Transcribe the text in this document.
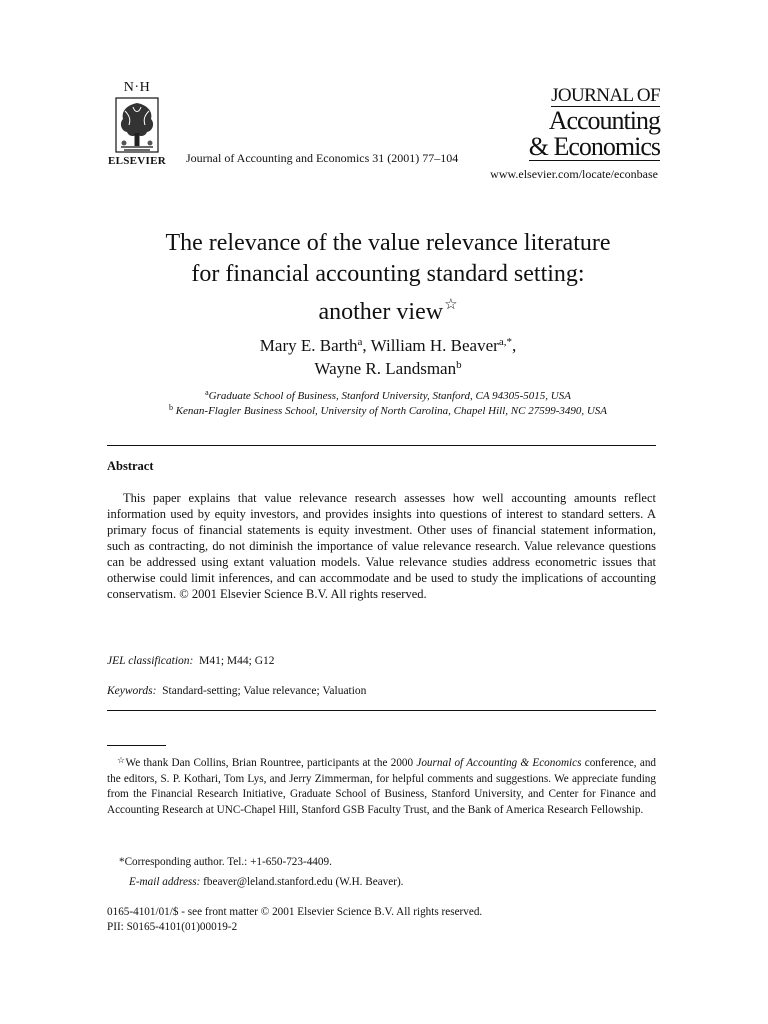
N·H
ELSEVIER	Journal of Accounting and Economics 31 (2001) 77–104
JOURNAL OF
Accounting
& Economics
www.elsevier.com/locate/econbase
The relevance of the value relevance literature
for financial accounting standard setting:
another view☆
Mary E. Barth$^a$, William H. Beaver$^{a,*}$,
Wayne R. Landsman$^b$
$^a$Graduate School of Business, Stanford University, Stanford, CA 94305-5015, USA
$^b$ Kenan-Flagler Business School, University of North Carolina, Chapel Hill, NC 27599-3490, USA
Abstract

This paper explains that value relevance research assesses how well accounting amounts reflect information used by equity investors, and provides insights into questions of interest to standard setters. A primary focus of financial statements is equity investment. Other uses of financial statement information, such as contracting, do not diminish the importance of value relevance research. Value relevance questions can be addressed using extant valuation models. Value relevance studies address econometric issues that otherwise could limit inferences, and can accommodate and be used to study the implications of accounting conservatism. © 2001 Elsevier Science B.V. All rights reserved.

JEL classification: M41; M44; G12
Keywords: Standard-setting; Value relevance; Valuation

☆We thank Dan Collins, Brian Rountree, participants at the 2000 Journal of Accounting & Economics conference, and the editors, S. P. Kothari, Tom Lys, and Jerry Zimmerman, for helpful comments and suggestions. We appreciate funding from the Financial Research Initiative, Graduate School of Business, Stanford University, and Center for Finance and Accounting Research at UNC-Chapel Hill, Stanford GSB Faculty Trust, and the Bank of America Research Fellowship.

*Corresponding author. Tel.: +1-650-723-4409.
E-mail address: fbeaver@leland.stanford.edu (W.H. Beaver).
0165-4101/01/$ - see front matter © 2001 Elsevier Science B.V. All rights reserved.
PII: S0165-4101(01)00019-2
